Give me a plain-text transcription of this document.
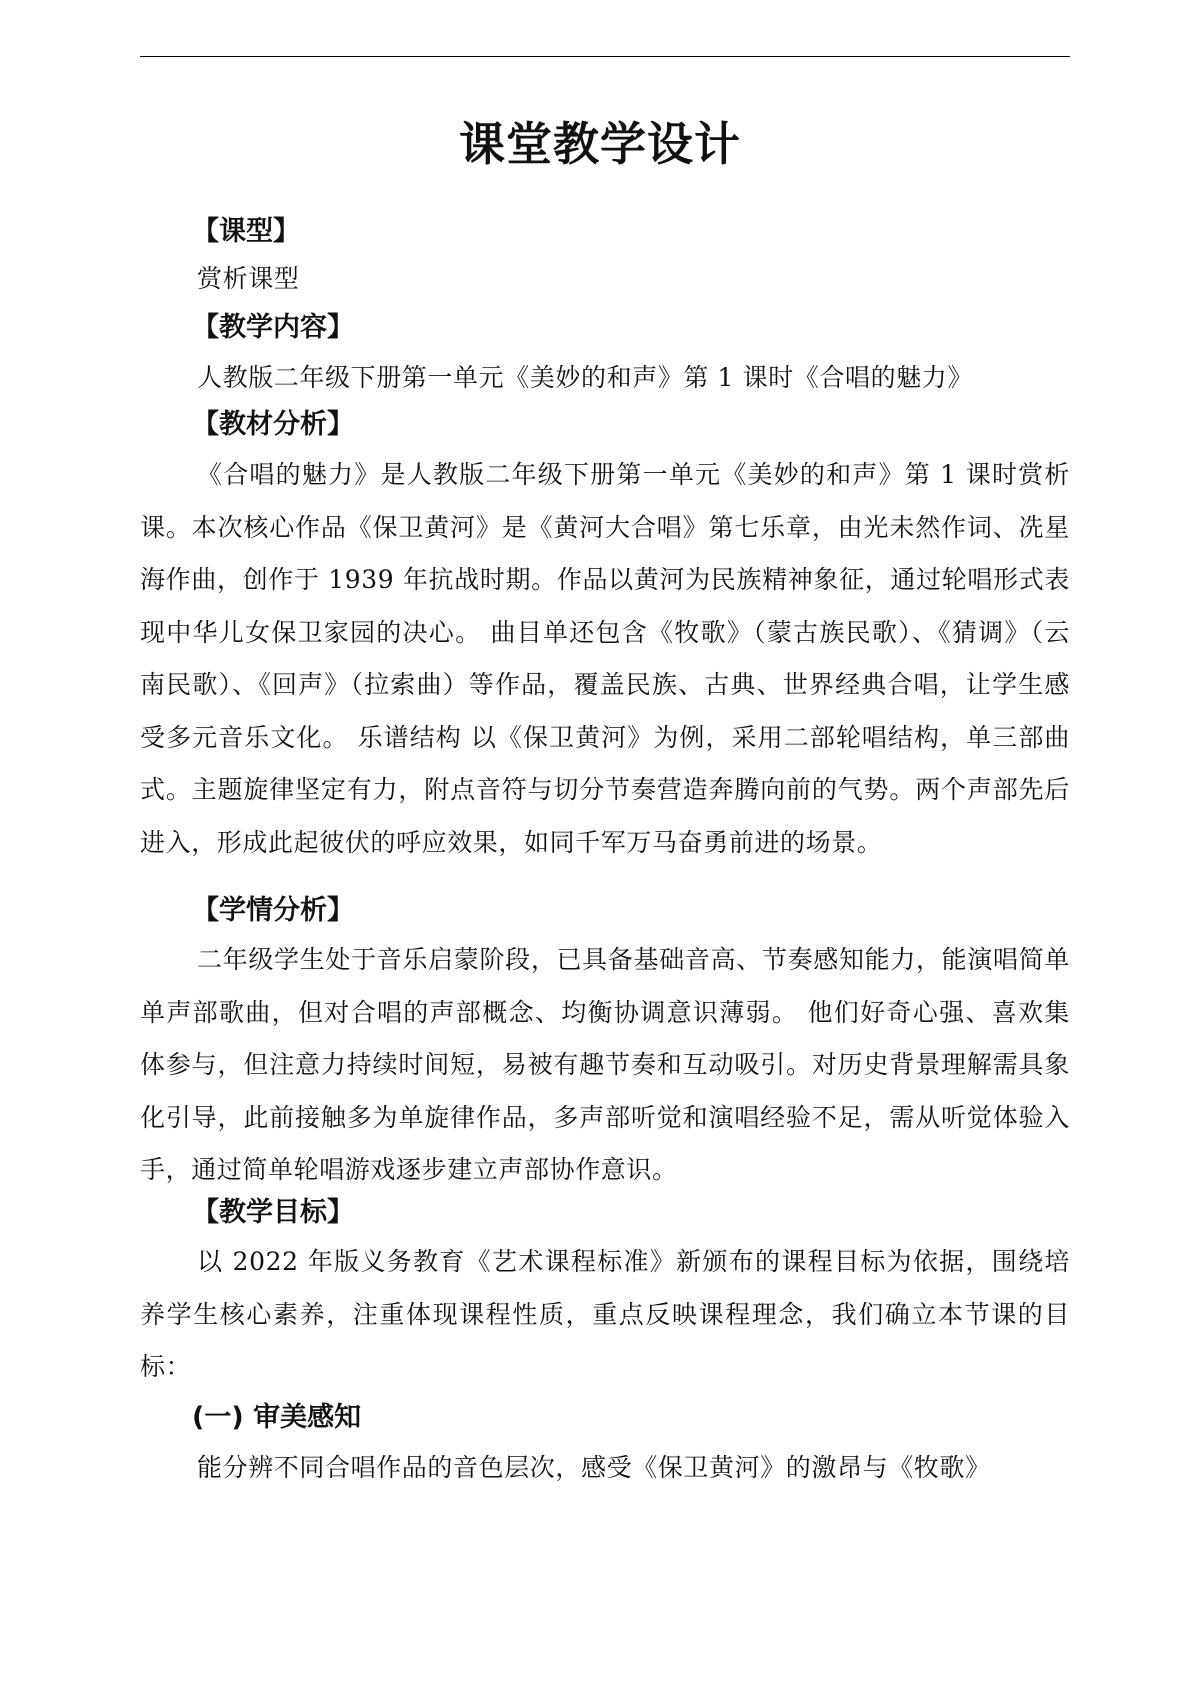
课堂教学设计
【课型】

赏析课型

【教学内容】

人教版二年级下册第一单元《美妙的和声》第 1 课时《合唱的魅力》

【教材分析】

《合唱的魅力》是人教版二年级下册第一单元《美妙的和声》第 1 课时赏析课。本次核心作品《保卫黄河》是《黄河大合唱》第七乐章，由光未然作词、冼星海作曲，创作于 1939 年抗战时期。作品以黄河为民族精神象征，通过轮唱形式表现中华儿女保卫家园的决心。 曲目单还包含《牧歌》（蒙古族民歌）、《猜调》（云南民歌）、《回声》（拉索曲）等作品，覆盖民族、古典、世界经典合唱，让学生感受多元音乐文化。 乐谱结构 以《保卫黄河》为例，采用二部轮唱结构，单三部曲式。主题旋律坚定有力，附点音符与切分节奏营造奔腾向前的气势。两个声部先后进入，形成此起彼伏的呼应效果，如同千军万马奋勇前进的场景。

【学情分析】

二年级学生处于音乐启蒙阶段，已具备基础音高、节奏感知能力，能演唱简单单声部歌曲，但对合唱的声部概念、均衡协调意识薄弱。 他们好奇心强、喜欢集体参与，但注意力持续时间短，易被有趣节奏和互动吸引。对历史背景理解需具象化引导，此前接触多为单旋律作品，多声部听觉和演唱经验不足，需从听觉体验入手，通过简单轮唱游戏逐步建立声部协作意识。

【教学目标】

以 2022 年版义务教育《艺术课程标准》新颁布的课程目标为依据，围绕培养学生核心素养，注重体现课程性质，重点反映课程理念，我们确立本节课的目标：

(一) 审美感知

能分辨不同合唱作品的音色层次，感受《保卫黄河》的激昂与《牧歌》
